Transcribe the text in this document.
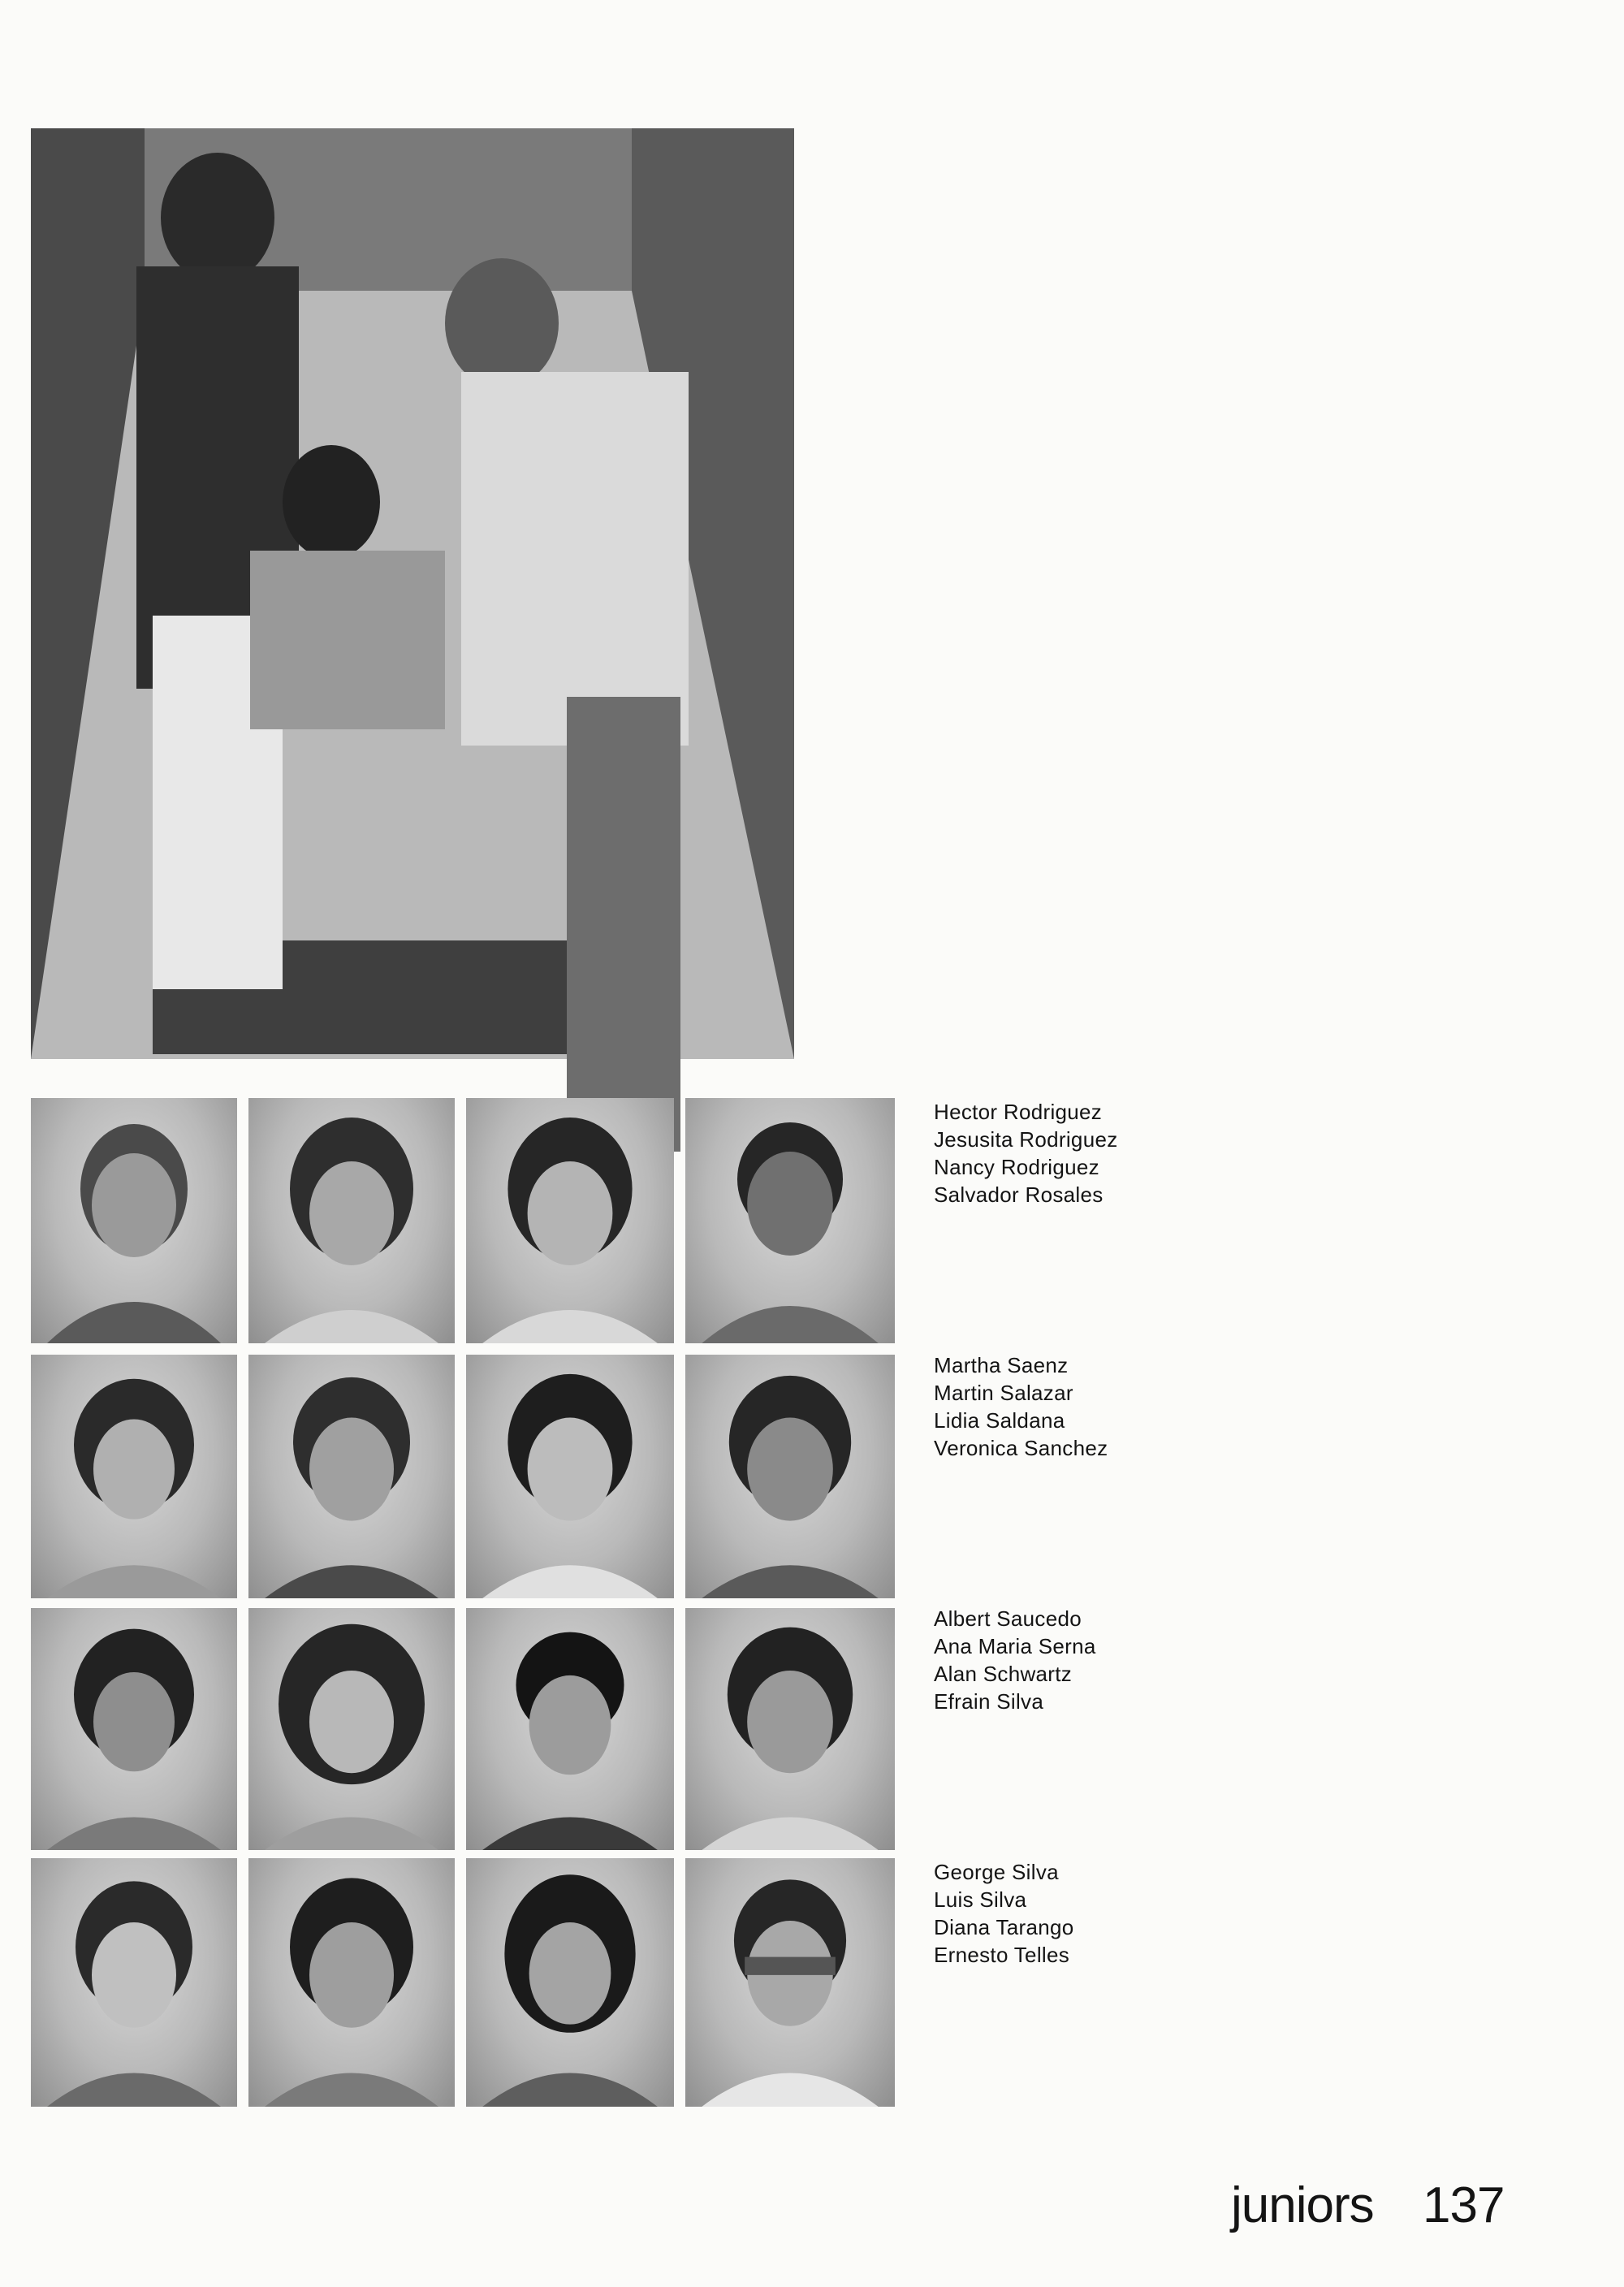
Hector Rodriguez
Jesusita Rodriguez
Nancy Rodriguez
Salvador Rosales
Martha Saenz
Martin Salazar
Lidia Saldana
Veronica Sanchez
Albert Saucedo
Ana Maria Serna
Alan Schwartz
Efrain Silva
George Silva
Luis Silva
Diana Tarango
Ernesto Telles
juniors 137
